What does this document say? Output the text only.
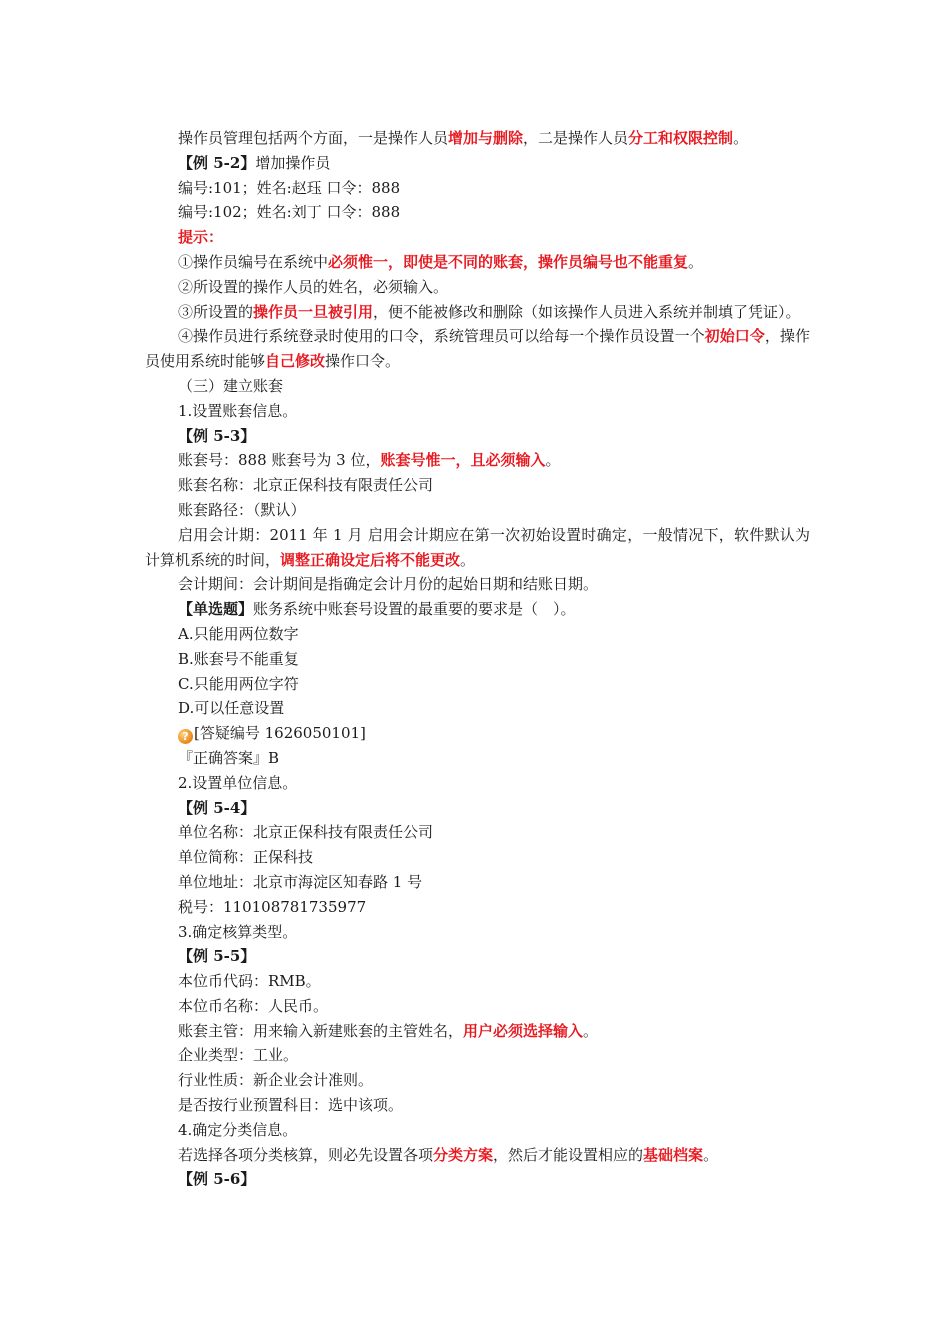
操作员管理包括两个方面，一是操作人员增加与删除，二是操作人员分工和权限控制。
【例 5-2】增加操作员
编号:101；姓名:赵珏 口令：888
编号:102；姓名:刘丁 口令：888
提示：
①操作员编号在系统中必须惟一，即使是不同的账套，操作员编号也不能重复。
②所设置的操作人员的姓名，必须输入。
③所设置的操作员一旦被引用，便不能被修改和删除（如该操作人员进入系统并制填了凭证）。
④操作员进行系统登录时使用的口令，系统管理员可以给每一个操作员设置一个初始口令，操作员使用系统时能够自己修改操作口令。
（三）建立账套
1.设置账套信息。
【例 5-3】
账套号：888 账套号为 3 位，账套号惟一，且必须输入。
账套名称：北京正保科技有限责任公司
账套路径：（默认）
启用会计期：2011 年 1 月 启用会计期应在第一次初始设置时确定，一般情况下，软件默认为计算机系统的时间，调整正确设定后将不能更改。
会计期间：会计期间是指确定会计月份的起始日期和结账日期。
【单选题】账务系统中账套号设置的最重要的要求是（　）。
A.只能用两位数字
B.账套号不能重复
C.只能用两位字符
D.可以任意设置
? [答疑编号 1626050101]
『正确答案』B
2.设置单位信息。
【例 5-4】
单位名称：北京正保科技有限责任公司
单位简称：正保科技
单位地址：北京市海淀区知春路 1 号
税号：110108781735977
3.确定核算类型。
【例 5-5】
本位币代码：RMB。
本位币名称：人民币。
账套主管：用来输入新建账套的主管姓名，用户必须选择输入。
企业类型：工业。
行业性质：新企业会计准则。
是否按行业预置科目：选中该项。
4.确定分类信息。
若选择各项分类核算，则必先设置各项分类方案，然后才能设置相应的基础档案。
【例 5-6】
